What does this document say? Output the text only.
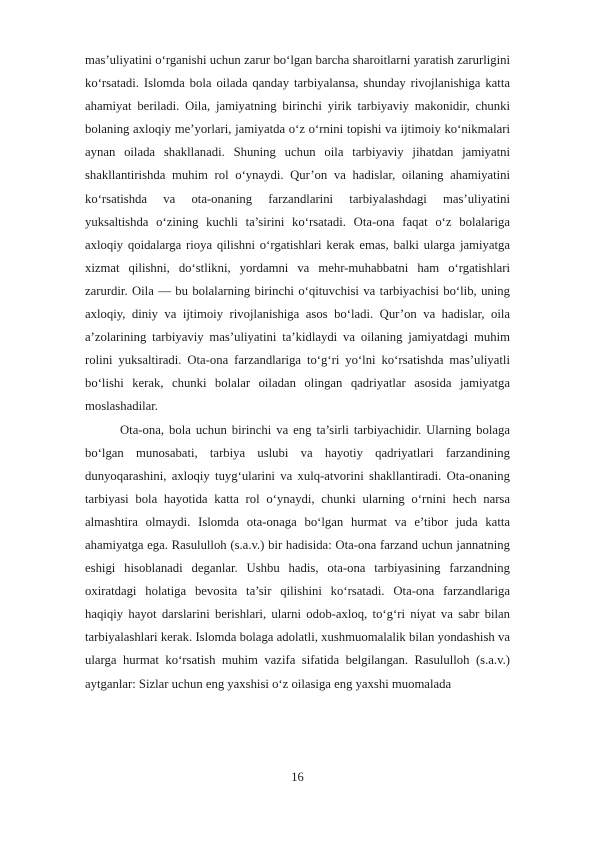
mas’uliyatini o‘rganishi uchun zarur bo‘lgan barcha sharoitlarni yaratish zarurligini ko‘rsatadi. Islomda bola oilada qanday tarbiyalansa, shunday rivojlanishiga katta ahamiyat beriladi. Oila, jamiyatning birinchi yirik tarbiyaviy makonidir, chunki bolaning axloqiy me’yorlari, jamiyatda o‘z o‘rnini topishi va ijtimoiy ko‘nikmalari aynan oilada shakllanadi. Shuning uchun oila tarbiyaviy jihatdan jamiyatni shakllantirishda muhim rol o‘ynaydi. Qur’on va hadislar, oilaning ahamiyatini ko‘rsatishda va ota-onaning farzandlarini tarbiyalashdagi mas’uliyatini yuksaltishda o‘zining kuchli ta’sirini ko‘rsatadi. Ota-ona faqat o‘z bolalariga axloqiy qoidalarga rioya qilishni o‘rgatishlari kerak emas, balki ularga jamiyatga xizmat qilishni, do‘stlikni, yordamni va mehr-muhabbatni ham o‘rgatishlari zarurdir. Oila — bu bolalarning birinchi o‘qituvchisi va tarbiyachisi bo‘lib, uning axloqiy, diniy va ijtimoiy rivojlanishiga asos bo‘ladi. Qur’on va hadislar, oila a’zolarining tarbiyaviy mas’uliyatini ta’kidlaydi va oilaning jamiyatdagi muhim rolini yuksaltiradi. Ota-ona farzandlariga to‘g‘ri yo‘lni ko‘rsatishda mas’uliyatli bo‘lishi kerak, chunki bolalar oiladan olingan qadriyatlar asosida jamiyatga moslashadilar.

Ota-ona, bola uchun birinchi va eng ta’sirli tarbiyachidir. Ularning bolaga bo‘lgan munosabati, tarbiya uslubi va hayotiy qadriyatlari farzandining dunyoqarashini, axloqiy tuyg‘ularini va xulq-atvorini shakllantiradi. Ota-onaning tarbiyasi bola hayotida katta rol o‘ynaydi, chunki ularning o‘rnini hech narsa almashtira olmaydi. Islomda ota-onaga bo‘lgan hurmat va e’tibor juda katta ahamiyatga ega. Rasululloh (s.a.v.) bir hadisida: Ota-ona farzand uchun jannatning eshigi hisoblanadi deganlar. Ushbu hadis, ota-ona tarbiyasining farzandning oxiratdagi holatiga bevosita ta’sir qilishini ko‘rsatadi. Ota-ona farzandlariga haqiqiy hayot darslarini berishlari, ularni odob-axloq, to‘g‘ri niyat va sabr bilan tarbiyalashlari kerak. Islomda bolaga adolatli, xushmuomalalik bilan yondashish va ularga hurmat ko‘rsatish muhim vazifa sifatida belgilangan. Rasululloh (s.a.v.) aytganlar: Sizlar uchun eng yaxshisi o‘z oilasiga eng yaxshi muomalada

16
